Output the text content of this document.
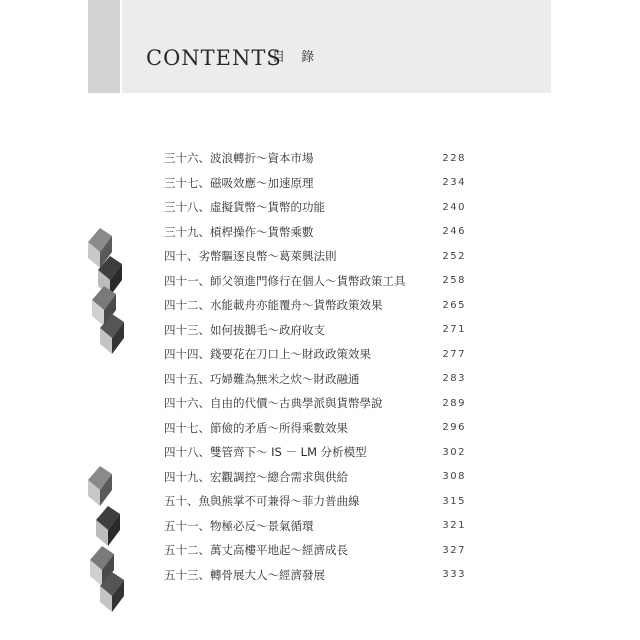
CONTENTS
目 錄
三十六、波浪轉折～資本市場	228
三十七、磁吸效應～加速原理	234
三十八、虛擬貨幣～貨幣的功能	240
三十九、槓桿操作～貨幣乘數	246
四十、劣幣驅逐良幣～葛萊興法則	252
四十一、師父領進門修行在個人～貨幣政策工具	258
四十二、水能載舟亦能覆舟～貨幣政策效果	265
四十三、如何拔鵝毛～政府收支	271
四十四、錢要花在刀口上～財政政策效果	277
四十五、巧婦難為無米之炊～財政融通	283
四十六、自由的代價～古典學派與貨幣學說	289
四十七、節儉的矛盾～所得乘數效果	296
四十八、雙管齊下～ IS － LM 分析模型	302
四十九、宏觀調控～總合需求與供給	308
五十、魚與熊掌不可兼得～菲力普曲線	315
五十一、物極必反～景氣循環	321
五十二、萬丈高樓平地起～經濟成長	327
五十三、轉骨展大人～經濟發展	333
